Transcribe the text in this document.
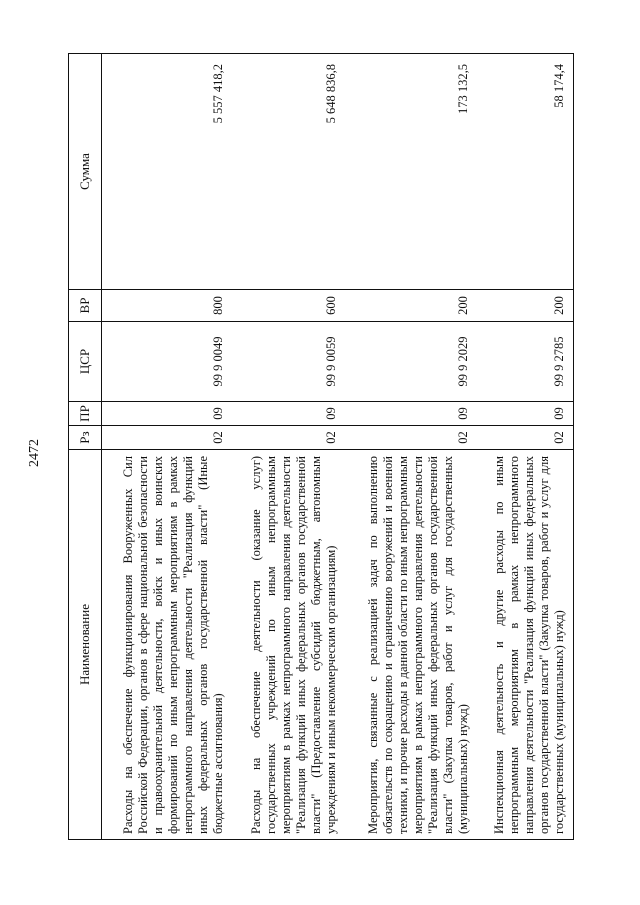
2472
Наименование	Рз	ПР	ЦСР	ВР	Сумма
Расходы на обеспечение функционирования Вооруженных Сил Российской Федерации, органов в сфере национальной безопасности и правоохранительной деятельности, войск и иных воинских формирований по иным непрограммным мероприятиям в рамках непрограммного направления деятельности "Реализация функций иных федеральных органов государственной власти" (Иные бюджетные ассигнования)	02	09	99 9 0049	800	5 557 418,2
Расходы на обеспечение деятельности (оказание услуг) государственных учреждений по иным непрограммным мероприятиям в рамках непрограммного направления деятельности "Реализация функций иных федеральных органов государственной власти" (Предоставление субсидий бюджетным, автономным учреждениям и иным некоммерческим организациям)	02	09	99 9 0059	600	5 648 836,8
Мероприятия, связанные с реализацией задач по выполнению обязательств по сокращению и ограничению вооружений и военной техники, и прочие расходы в данной области по иным непрограммным мероприятиям в рамках непрограммного направления деятельности "Реализация функций иных федеральных органов государственной власти" (Закупка товаров, работ и услуг для государственных (муниципальных) нужд)	02	09	99 9 2029	200	173 132,5
Инспекционная деятельность и другие расходы по иным непрограммным мероприятиям в рамках непрограммного направления деятельности "Реализация функций иных федеральных органов государственной власти" (Закупка товаров, работ и услуг для государственных (муниципальных) нужд)	02	09	99 9 2785	200	58 174,4
